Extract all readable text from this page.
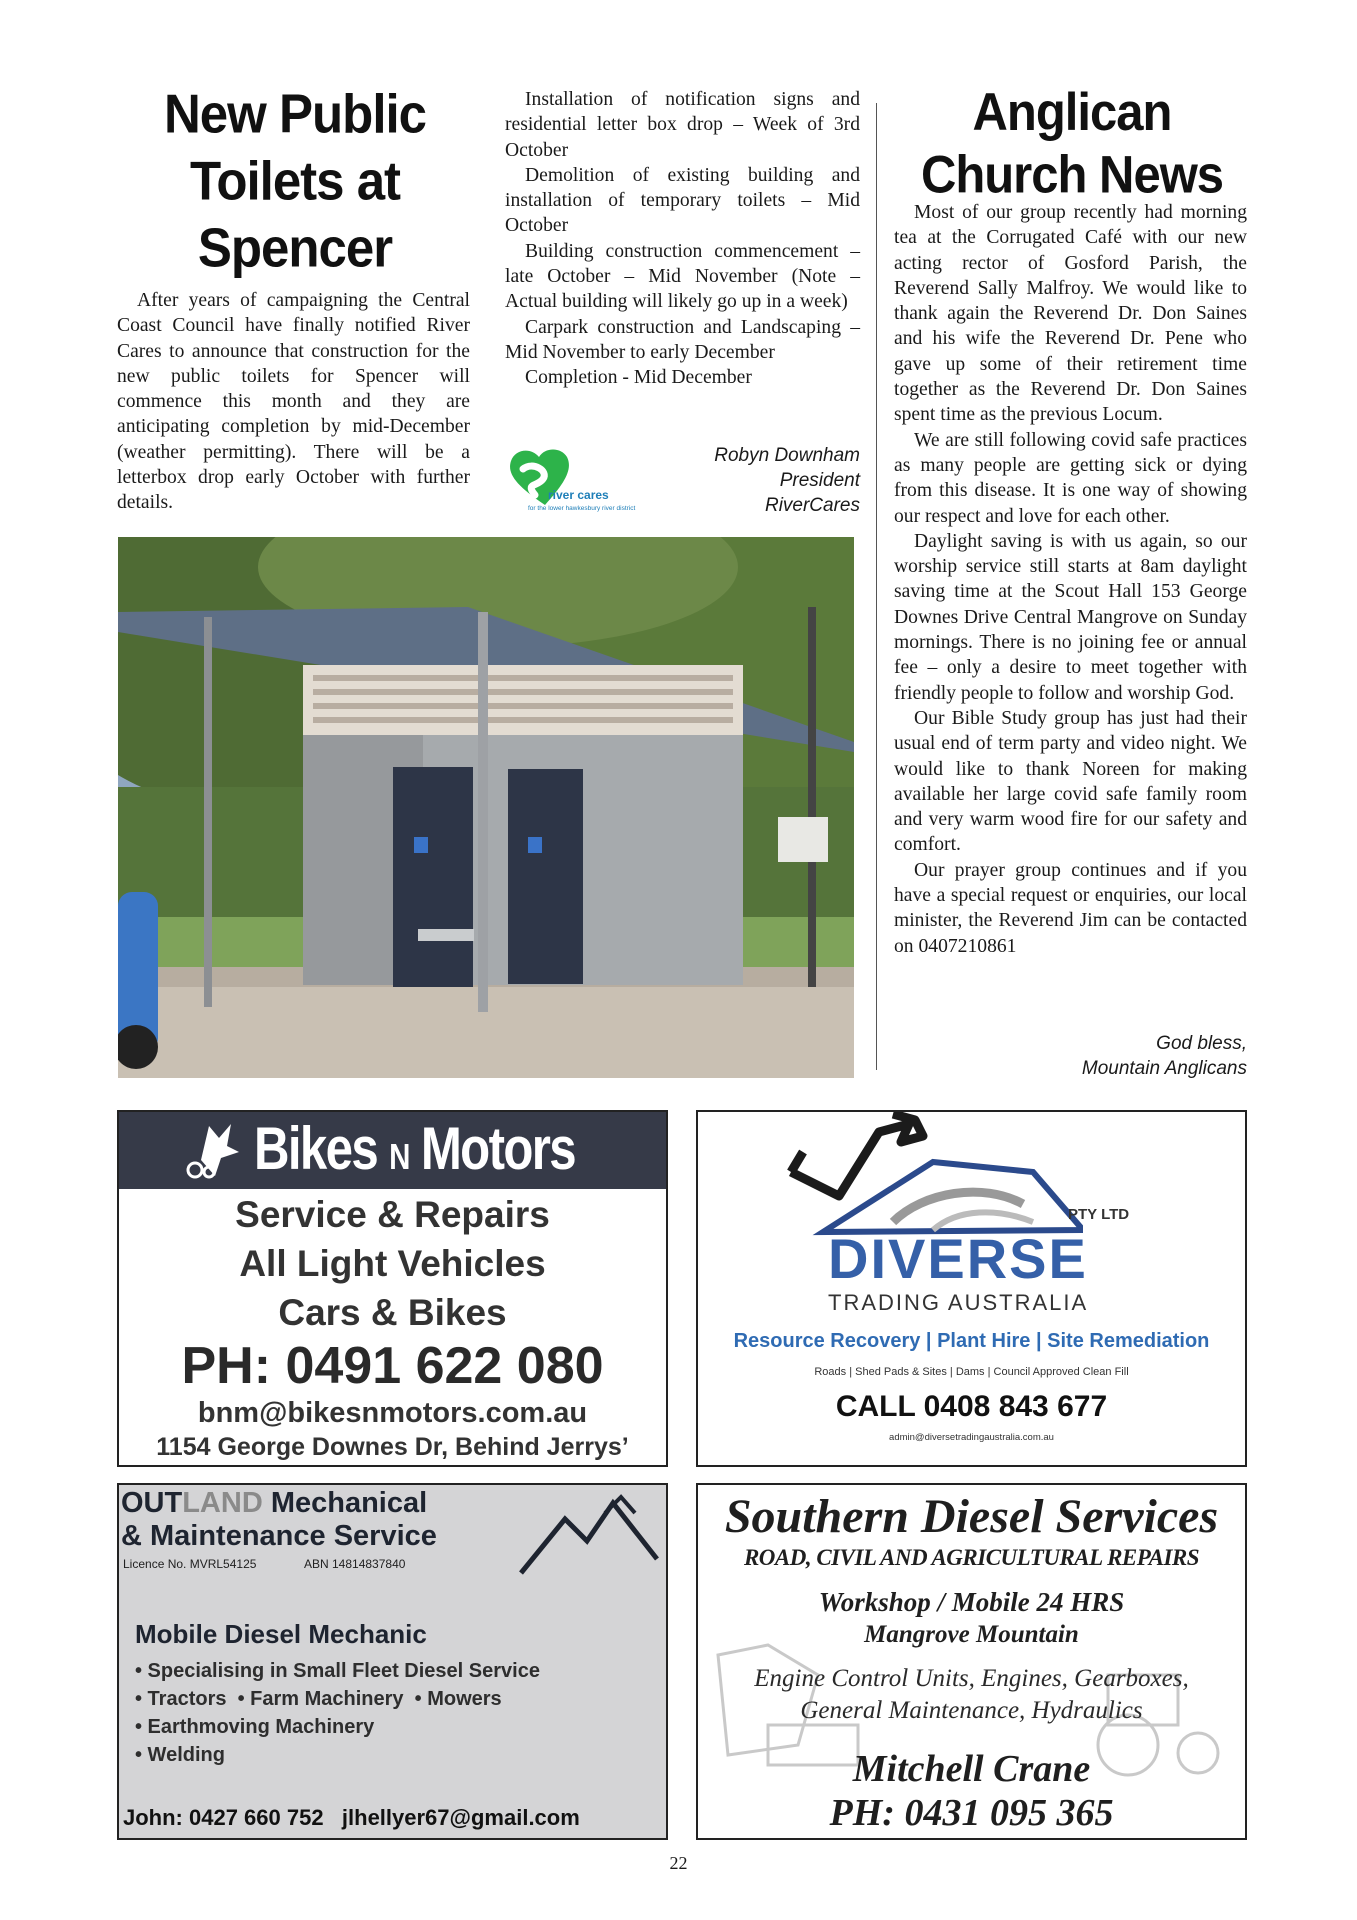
New Public Toilets at Spencer

After years of campaigning the Central Coast Council have finally notified River Cares to announce that construction for the new public toilets for Spencer will commence this month and they are anticipating completion by mid-December (weather permitting). There will be a letterbox drop early October with further details.

Installation of notification signs and residential letter box drop – Week of 3rd October

Demolition of existing building and installation of temporary toilets – Mid October

Building construction commencement – late October – Mid November (Note – Actual building will likely go up in a week)

Carpark construction and Landscaping – Mid November to early December

Completion - Mid December

river cares
for the lower hawkesbury river district
Robyn Downham
President
RiverCares
Anglican Church News

Most of our group recently had morning tea at the Corrugated Café with our new acting rector of Gosford Parish, the Reverend Sally Malfroy. We would like to thank again the Reverend Dr. Don Saines and his wife the Reverend Dr. Pene who gave up some of their retirement time together as the Reverend Dr. Don Saines spent time as the previous Locum.

We are still following covid safe practices as many people are getting sick or dying from this disease. It is one way of showing our respect and love for each other.

Daylight saving is with us again, so our worship service still starts at 8am daylight saving time at the Scout Hall 153 George Downes Drive Central Mangrove on Sunday mornings. There is no joining fee or annual fee – only a desire to meet together with friendly people to follow and worship God.

Our Bible Study group has just had their usual end of term party and video night. We would like to thank Noreen for making available her large covid safe family room and very warm wood fire for our safety and comfort.

Our prayer group continues and if you have a special request or enquiries, our local minister, the Reverend Jim can be contacted on 0407210861

God bless,
Mountain Anglicans
Bikes N Motors
Service & Repairs
All Light Vehicles
Cars & Bikes
PH: 0491 622 080
bnm@bikesnmotors.com.au
1154 George Downes Dr, Behind Jerrys’
PTY LTD
DIVERSE
TRADING AUSTRALIA
Resource Recovery | Plant Hire | Site Remediation
Roads | Shed Pads & Sites | Dams | Council Approved Clean Fill
CALL 0408 843 677
admin@diversetradingaustralia.com.au
OUTLAND Mechanical
& Maintenance Service
Licence No. MVRL54125	ABN 14814837840
Mobile Diesel Mechanic
• Specialising in Small Fleet Diesel Service
• Tractors  • Farm Machinery  • Mowers
• Earthmoving Machinery
• Welding
John: 0427 660 752   jlhellyer67@gmail.com
Southern Diesel Services
ROAD, CIVIL AND AGRICULTURAL REPAIRS
Workshop / Mobile 24 HRS
Mangrove Mountain
Engine Control Units, Engines, Gearboxes,
General Maintenance, Hydraulics
Mitchell Crane
PH: 0431 095 365
22
